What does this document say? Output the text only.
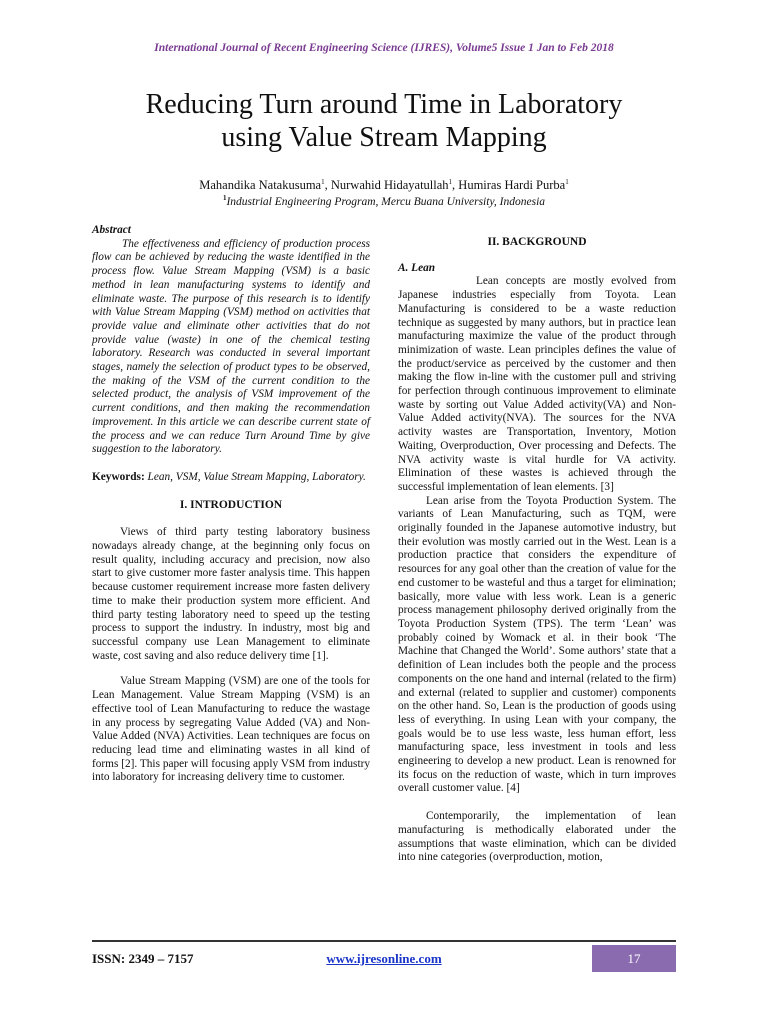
International Journal of Recent Engineering Science (IJRES), Volume5 Issue 1 Jan to Feb 2018
Reducing Turn around Time in Laboratory
using Value Stream Mapping
Mahandika Natakusuma$^1$, Nurwahid Hidayatullah$^1$, Humiras Hardi Purba$^1$
$^1$Industrial Engineering Program, Mercu Buana University, Indonesia

Abstract

The effectiveness and efficiency of production process flow can be achieved by reducing the waste identified in the process flow. Value Stream Mapping (VSM) is a basic method in lean manufacturing systems to identify and eliminate waste. The purpose of this research is to identify with Value Stream Mapping (VSM) method on activities that provide value and eliminate other activities that do not provide value (waste) in one of the chemical testing laboratory. Research was conducted in several important stages, namely the selection of product types to be observed, the making of the VSM of the current condition to the selected product, the analysis of VSM improvement of the current conditions, and then making the recommendation improvement. In this article we can describe current state of the process and we can reduce Turn Around Time by give suggestion to the laboratory.

Keywords: Lean, VSM, Value Stream Mapping, Laboratory.

I. INTRODUCTION

Views of third party testing laboratory business nowadays already change, at the beginning only focus on result quality, including accuracy and precision, now also start to give customer more faster analysis time. This happen because customer requirement increase more fasten delivery time to make their production system more efficient. And third party testing laboratory need to speed up the testing process to support the industry. In industry, most big and successful company use Lean Management to eliminate waste, cost saving and also reduce delivery time [1].

Value Stream Mapping (VSM) are one of the tools for Lean Management. Value Stream Mapping (VSM) is an effective tool of Lean Manufacturing to reduce the wastage in any process by segregating Value Added (VA) and Non-Value Added (NVA) Activities. Lean techniques are focus on reducing lead time and eliminating wastes in all kind of forms [2]. This paper will focusing apply VSM from industry into laboratory for increasing delivery time to customer.

II. BACKGROUND

A. Lean

Lean concepts are mostly evolved from Japanese industries especially from Toyota. Lean Manufacturing is considered to be a waste reduction technique as suggested by many authors, but in practice lean manufacturing maximize the value of the product through minimization of waste. Lean principles defines the value of the product/service as perceived by the customer and then making the flow in-line with the customer pull and striving for perfection through continuous improvement to eliminate waste by sorting out Value Added activity(VA) and Non- Value Added activity(NVA). The sources for the NVA activity wastes are Transportation, Inventory, Motion Waiting, Overproduction, Over processing and Defects. The NVA activity waste is vital hurdle for VA activity. Elimination of these wastes is achieved through the successful implementation of lean elements. [3]

Lean arise from the Toyota Production System. The variants of Lean Manufacturing, such as TQM, were originally founded in the Japanese automotive industry, but their evolution was mostly carried out in the West. Lean is a production practice that considers the expenditure of resources for any goal other than the creation of value for the end customer to be wasteful and thus a target for elimination; basically, more value with less work. Lean is a generic process management philosophy derived originally from the Toyota Production System (TPS). The term ‘Lean’ was probably coined by Womack et al. in their book ‘The Machine that Changed the World’. Some authors’ state that a definition of Lean includes both the people and the process components on the one hand and internal (related to the firm) and external (related to supplier and customer) components on the other hand. So, Lean is the production of goods using less of everything. In using Lean with your company, the goals would be to use less waste, less human effort, less manufacturing space, less investment in tools and less engineering to develop a new product. Lean is renowned for its focus on the reduction of waste, which in turn improves overall customer value. [4]

Contemporarily, the implementation of lean manufacturing is methodically elaborated under the assumptions that waste elimination, which can be divided into nine categories (overproduction, motion,

ISSN: 2349 – 7157	www.ijresonline.com	17
